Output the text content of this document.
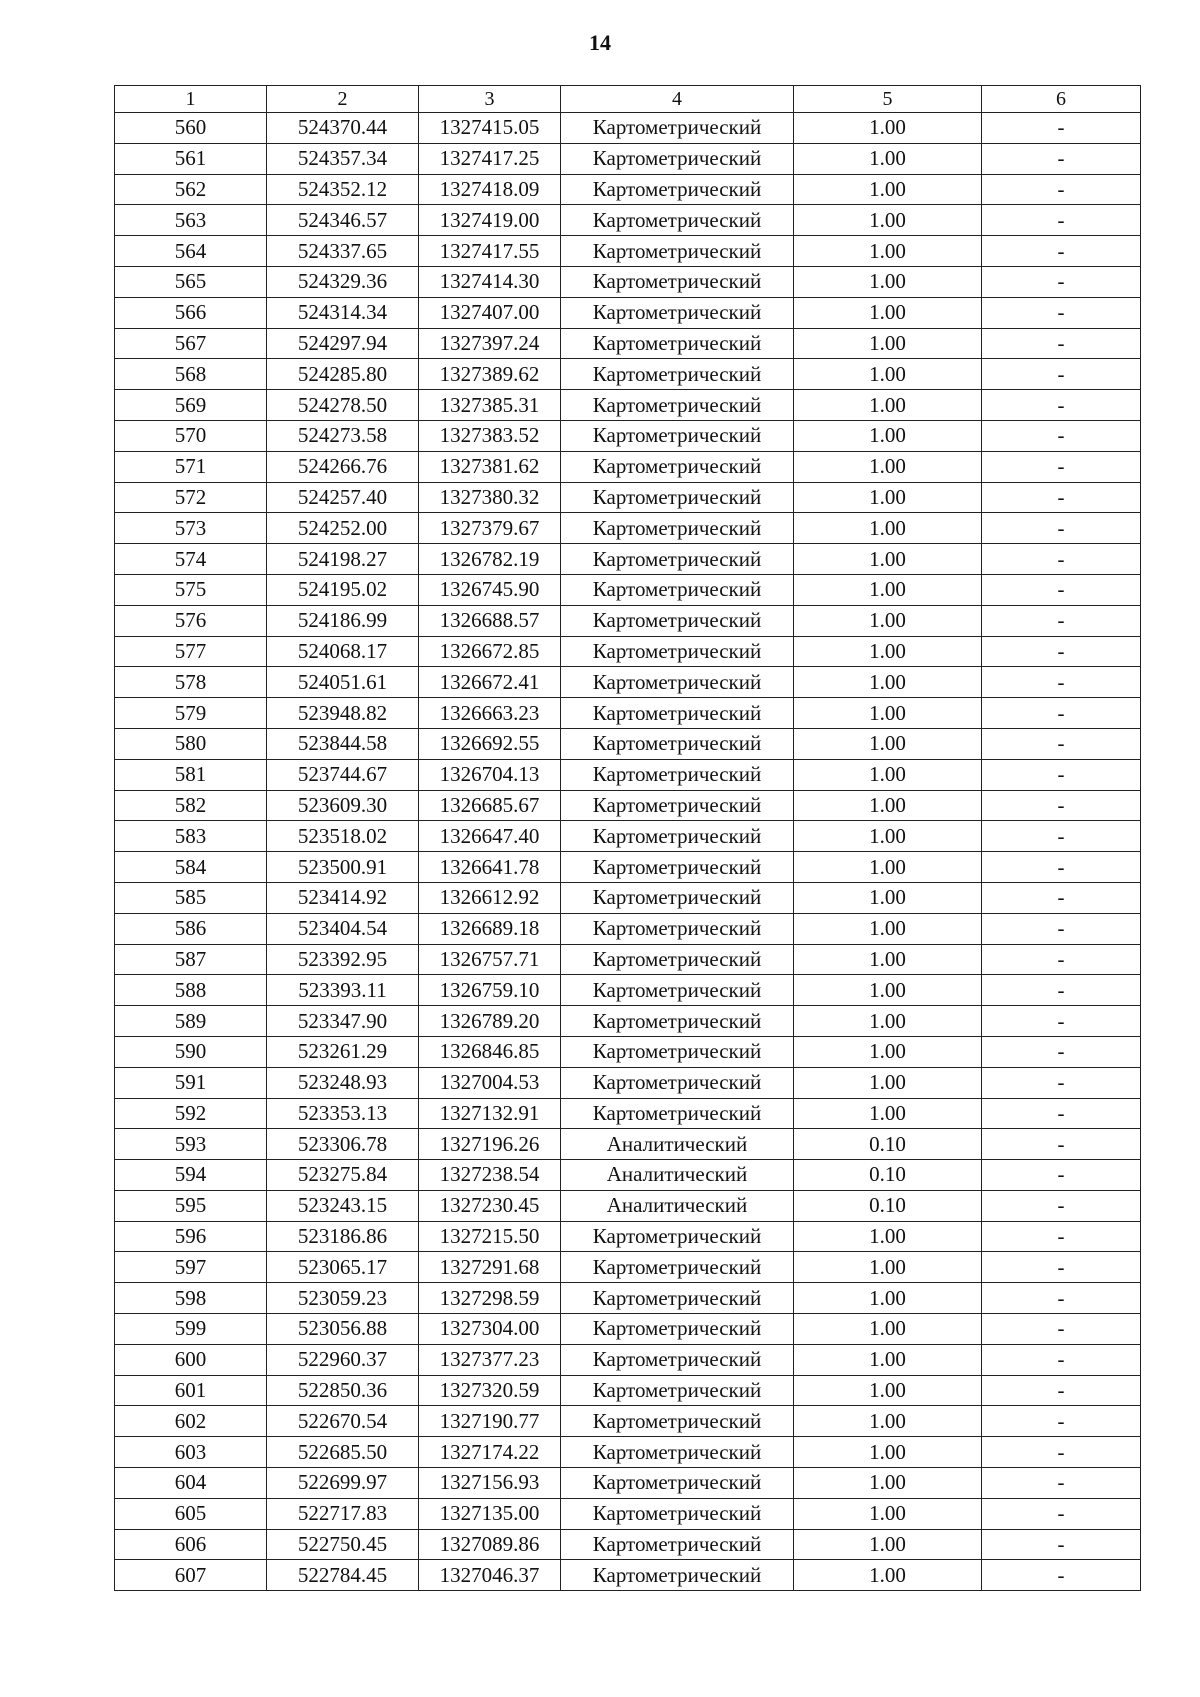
14
1	2	3	4	5	6
560	524370.44	1327415.05	Картометрический	1.00	-
561	524357.34	1327417.25	Картометрический	1.00	-
562	524352.12	1327418.09	Картометрический	1.00	-
563	524346.57	1327419.00	Картометрический	1.00	-
564	524337.65	1327417.55	Картометрический	1.00	-
565	524329.36	1327414.30	Картометрический	1.00	-
566	524314.34	1327407.00	Картометрический	1.00	-
567	524297.94	1327397.24	Картометрический	1.00	-
568	524285.80	1327389.62	Картометрический	1.00	-
569	524278.50	1327385.31	Картометрический	1.00	-
570	524273.58	1327383.52	Картометрический	1.00	-
571	524266.76	1327381.62	Картометрический	1.00	-
572	524257.40	1327380.32	Картометрический	1.00	-
573	524252.00	1327379.67	Картометрический	1.00	-
574	524198.27	1326782.19	Картометрический	1.00	-
575	524195.02	1326745.90	Картометрический	1.00	-
576	524186.99	1326688.57	Картометрический	1.00	-
577	524068.17	1326672.85	Картометрический	1.00	-
578	524051.61	1326672.41	Картометрический	1.00	-
579	523948.82	1326663.23	Картометрический	1.00	-
580	523844.58	1326692.55	Картометрический	1.00	-
581	523744.67	1326704.13	Картометрический	1.00	-
582	523609.30	1326685.67	Картометрический	1.00	-
583	523518.02	1326647.40	Картометрический	1.00	-
584	523500.91	1326641.78	Картометрический	1.00	-
585	523414.92	1326612.92	Картометрический	1.00	-
586	523404.54	1326689.18	Картометрический	1.00	-
587	523392.95	1326757.71	Картометрический	1.00	-
588	523393.11	1326759.10	Картометрический	1.00	-
589	523347.90	1326789.20	Картометрический	1.00	-
590	523261.29	1326846.85	Картометрический	1.00	-
591	523248.93	1327004.53	Картометрический	1.00	-
592	523353.13	1327132.91	Картометрический	1.00	-
593	523306.78	1327196.26	Аналитический	0.10	-
594	523275.84	1327238.54	Аналитический	0.10	-
595	523243.15	1327230.45	Аналитический	0.10	-
596	523186.86	1327215.50	Картометрический	1.00	-
597	523065.17	1327291.68	Картометрический	1.00	-
598	523059.23	1327298.59	Картометрический	1.00	-
599	523056.88	1327304.00	Картометрический	1.00	-
600	522960.37	1327377.23	Картометрический	1.00	-
601	522850.36	1327320.59	Картометрический	1.00	-
602	522670.54	1327190.77	Картометрический	1.00	-
603	522685.50	1327174.22	Картометрический	1.00	-
604	522699.97	1327156.93	Картометрический	1.00	-
605	522717.83	1327135.00	Картометрический	1.00	-
606	522750.45	1327089.86	Картометрический	1.00	-
607	522784.45	1327046.37	Картометрический	1.00	-
